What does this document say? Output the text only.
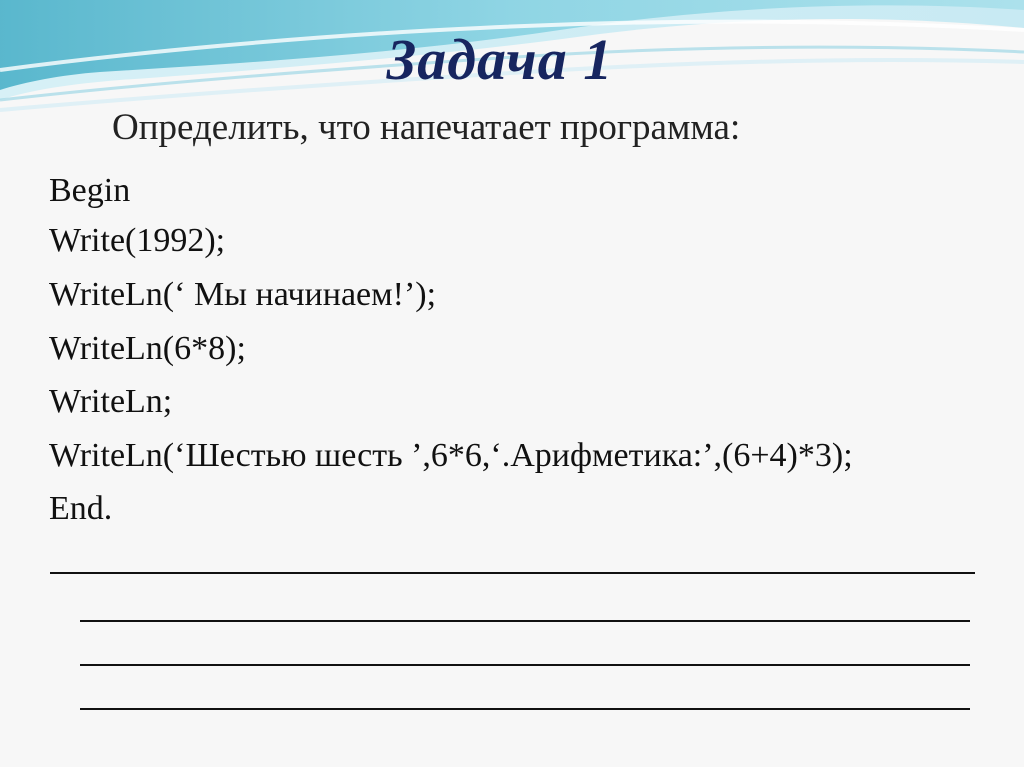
Задача 1
Определить, что напечатает программа:
Begin
Write(1992);
WriteLn(‘ Мы начинаем!’);
WriteLn(6*8);
WriteLn;
WriteLn(‘Шестью шесть ’,6*6,‘.Арифметика:’,(6+4)*3);
End.
